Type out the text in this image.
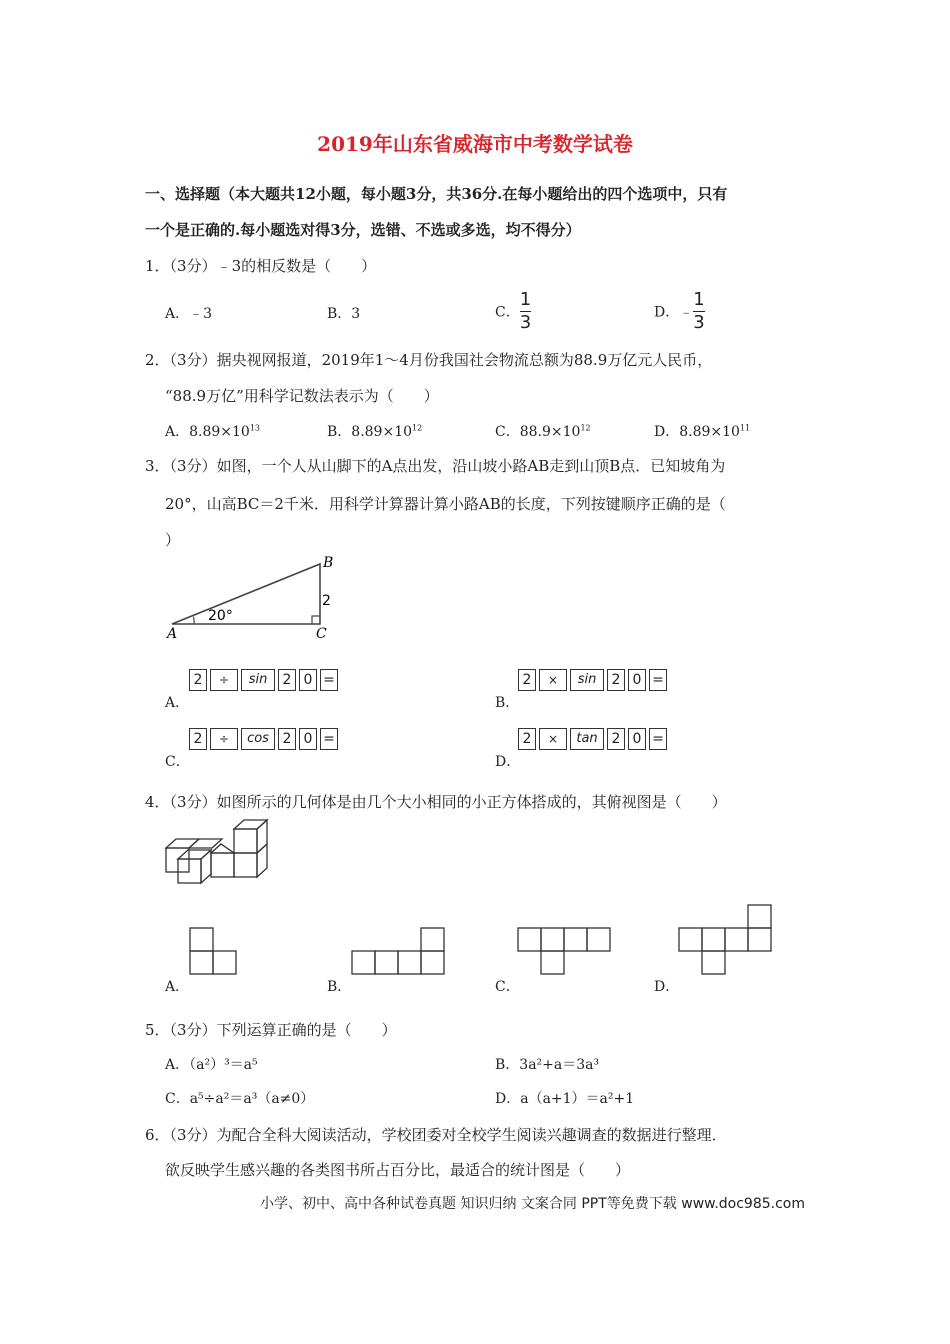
2019年山东省威海市中考数学试卷
一、选择题（本大题共12小题，每小题3分，共36分.在每小题给出的四个选项中，只有
一个是正确的.每小题选对得3分，选错、不选或多选，均不得分）
1．（3分）﹣3的相反数是（　　）
A．﹣3	B．3	C． $\frac{1}{3}$	D．﹣ $\frac{1}{3}$
2．（3分）据央视网报道，2019年1～4月份我国社会物流总额为88.9万亿元人民币，
“88.9万亿”用科学记数法表示为（　　）
A．$8.89\times 10^{13}$	B．$8.89\times 10^{12}$	C．$88.9\times 10^{12}$	D．$8.89\times 10^{11}$
3．（3分）如图，一个人从山脚下的A点出发，沿山坡小路AB走到山顶B点．已知坡角为
20°，山高BC＝2千米．用科学计算器计算小路AB的长度，下列按键顺序正确的是（
）
A
B
C
20°
2
A．
2 ÷ sin 2 0 =
B．
2 × sin 2 0 =
C．
2 ÷ cos 2 0 =
D．
2 × tan 2 0 =
4．（3分）如图所示的几何体是由几个大小相同的小正方体搭成的，其俯视图是（　　）
A．	B．	C．	D．
5．（3分）下列运算正确的是（　　）
A．（a²）³＝a⁵	B．3a²+a＝3a³
C．a⁵÷a²＝a³（a≠0）	D．a（a+1）＝a²+1
6．（3分）为配合全科大阅读活动，学校团委对全校学生阅读兴趣调查的数据进行整理．
欲反映学生感兴趣的各类图书所占百分比，最适合的统计图是（　　）
小学、初中、高中各种试卷真题 知识归纳 文案合同 PPT等免费下载 www.doc985.com
